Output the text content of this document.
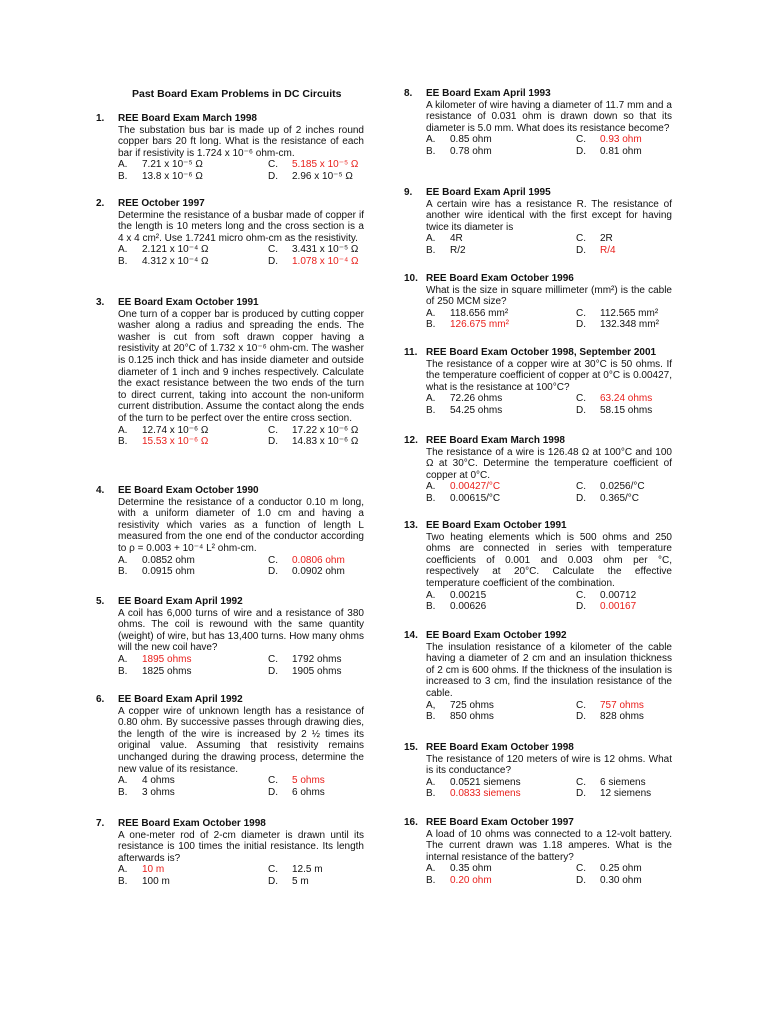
Past Board Exam Problems in DC Circuits
1.	REE Board Exam March 1998
The substation bus bar is made up of 2 inches round copper bars 20 ft long. What is the resistance of each bar if resistivity is 1.724 x 10⁻⁶ ohm-cm.
A. 7.21 x 10⁻⁵ Ω	C. 5.185 x 10⁻⁵ Ω
B. 13.8 x 10⁻⁶ Ω	D. 2.96 x 10⁻⁵ Ω
2.	REE October 1997
Determine the resistance of a busbar made of copper if the length is 10 meters long and the cross section is a 4 x 4 cm². Use 1.7241 micro ohm-cm as the resistivity.
A. 2.121 x 10⁻⁴ Ω	C. 3.431 x 10⁻⁵ Ω
B. 4.312 x 10⁻⁴ Ω	D. 1.078 x 10⁻⁴ Ω
3.	EE Board Exam October 1991
One turn of a copper bar is produced by cutting copper washer along a radius and spreading the ends. The washer is cut from soft drawn copper having a resistivity at 20°C of 1.732 x 10⁻⁶ ohm-cm. The washer is 0.125 inch thick and has inside diameter and outside diameter of 1 inch and 9 inches respectively. Calculate the exact resistance between the two ends of the turn to direct current, taking into account the non-uniform current distribution. Assume the contact along the ends of the turn to be perfect over the entire cross section.
A. 12.74 x 10⁻⁶ Ω	C. 17.22 x 10⁻⁶ Ω
B. 15.53 x 10⁻⁶ Ω	D. 14.83 x 10⁻⁶ Ω
4.	EE Board Exam October 1990
Determine the resistance of a conductor 0.10 m long, with a uniform diameter of 1.0 cm and having a resistivity which varies as a function of length L measured from the one end of the conductor according to ρ = 0.003 + 10⁻⁴ L² ohm-cm.
A. 0.0852 ohm	C. 0.0806 ohm
B. 0.0915 ohm	D. 0.0902 ohm
5.	EE Board Exam April 1992
A coil has 6,000 turns of wire and a resistance of 380 ohms. The coil is rewound with the same quantity (weight) of wire, but has 13,400 turns. How many ohms will the new coil have?
A. 1895 ohms	C. 1792 ohms
B. 1825 ohms	D. 1905 ohms
6.	EE Board Exam April 1992
A copper wire of unknown length has a resistance of 0.80 ohm. By successive passes through drawing dies, the length of the wire is increased by 2 ½ times its original value. Assuming that resistivity remains unchanged during the drawing process, determine the new value of its resistance.
A. 4 ohms	C. 5 ohms
B. 3 ohms	D. 6 ohms
7.	REE Board Exam October 1998
A one-meter rod of 2-cm diameter is drawn until its resistance is 100 times the initial resistance. Its length afterwards is?
A. 10 m	C. 12.5 m
B. 100 m	D. 5 m
8.	EE Board Exam April 1993
A kilometer of wire having a diameter of 11.7 mm and a resistance of 0.031 ohm is drawn down so that its diameter is 5.0 mm. What does its resistance become?
A. 0.85 ohm	C. 0.93 ohm
B. 0.78 ohm	D. 0.81 ohm
9.	EE Board Exam April 1995
A certain wire has a resistance R. The resistance of another wire identical with the first except for having twice its diameter is
A. 4R	C. 2R
B. R/2	D. R/4
10. REE Board Exam October 1996
What is the size in square millimeter (mm²) is the cable of 250 MCM size?
A. 118.656 mm²	C. 112.565 mm²
B. 126.675 mm²	D. 132.348 mm²
11. REE Board Exam October 1998, September 2001
The resistance of a copper wire at 30°C is 50 ohms. If the temperature coefficient of copper at 0°C is 0.00427, what is the resistance at 100°C?
A. 72.26 ohms	C. 63.24 ohms
B. 54.25 ohms	D. 58.15 ohms
12. REE Board Exam March 1998
The resistance of a wire is 126.48 Ω at 100°C and 100 Ω at 30°C. Determine the temperature coefficient of copper at 0°C.
A. 0.00427/°C	C. 0.0256/°C
B. 0.00615/°C	D. 0.365/°C
13. EE Board Exam October 1991
Two heating elements which is 500 ohms and 250 ohms are connected in series with temperature coefficients of 0.001 and 0.003 ohm per °C, respectively at 20°C. Calculate the effective temperature coefficient of the combination.
A. 0.00215	C. 0.00712
B. 0.00626	D. 0.00167
14. EE Board Exam October 1992
The insulation resistance of a kilometer of the cable having a diameter of 2 cm and an insulation thickness of 2 cm is 600 ohms. If the thickness of the insulation is increased to 3 cm, find the insulation resistance of the cable.
A, 725 ohms	C. 757 ohms
B. 850 ohms	D. 828 ohms
15. REE Board Exam October 1998
The resistance of 120 meters of wire is 12 ohms. What is its conductance?
A. 0.0521 siemens	C. 6 siemens
B. 0.0833 siemens	D. 12 siemens
16. REE Board Exam October 1997
A load of 10 ohms was connected to a 12-volt battery. The current drawn was 1.18 amperes. What is the internal resistance of the battery?
A. 0.35 ohm	C. 0.25 ohm
B. 0.20 ohm	D. 0.30 ohm
